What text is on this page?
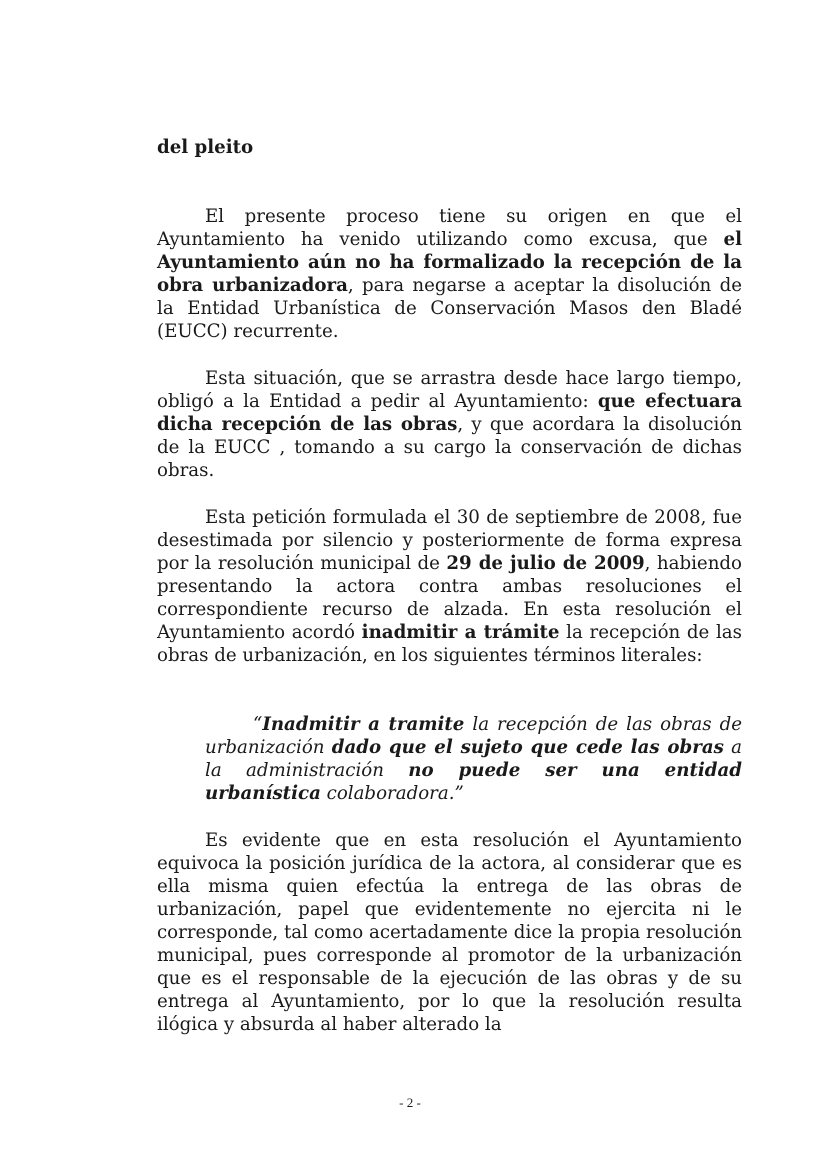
del pleito

El presente proceso tiene su origen en que el Ayuntamiento ha venido utilizando como excusa, que el Ayuntamiento aún no ha formalizado la recepción de la obra urbanizadora, para negarse a aceptar la disolución de la Entidad Urbanística de Conservación Masos den Bladé (EUCC) recurrente.

Esta situación, que se arrastra desde hace largo tiempo, obligó a la Entidad a pedir al Ayuntamiento: que efectuara dicha recepción de las obras, y que acordara la disolución de la EUCC , tomando a su cargo la conservación de dichas obras.

Esta petición formulada el 30 de septiembre de 2008, fue desestimada por silencio y posteriormente de forma expresa por la resolución municipal de 29 de julio de 2009, habiendo presentando la actora contra ambas resoluciones el correspondiente recurso de alzada. En esta resolución el Ayuntamiento acordó inadmitir a trámite la recepción de las obras de urbanización, en los siguientes términos literales:

“Inadmitir a tramite la recepción de las obras de urbanización dado que el sujeto que cede las obras a la administración no puede ser una entidad urbanística colaboradora.”

Es evidente que en esta resolución el Ayuntamiento equivoca la posición jurídica de la actora, al considerar que es ella misma quien efectúa la entrega de las obras de urbanización, papel que evidentemente no ejercita ni le corresponde, tal como acertadamente dice la propia resolución municipal, pues corresponde al promotor de la urbanización que es el responsable de la ejecución de las obras y de su entrega al Ayuntamiento, por lo que la resolución resulta ilógica y absurda al haber alterado la

- 2 -
